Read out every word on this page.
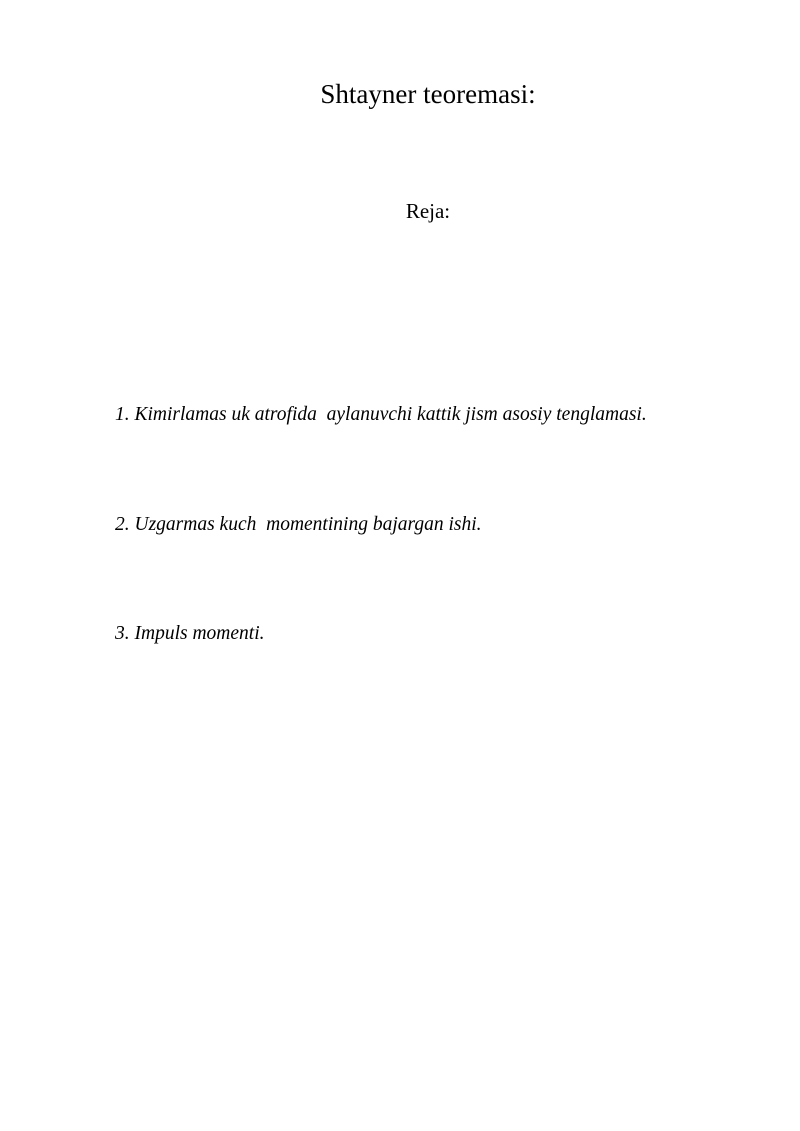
Shtayner teoremasi:
Reja:

1. Kimirlamas uk atrofida  aylanuvchi kattik jism asosiy tenglamasi.

2. Uzgarmas kuch  momentining bajargan ishi.

3. Impuls momenti.
